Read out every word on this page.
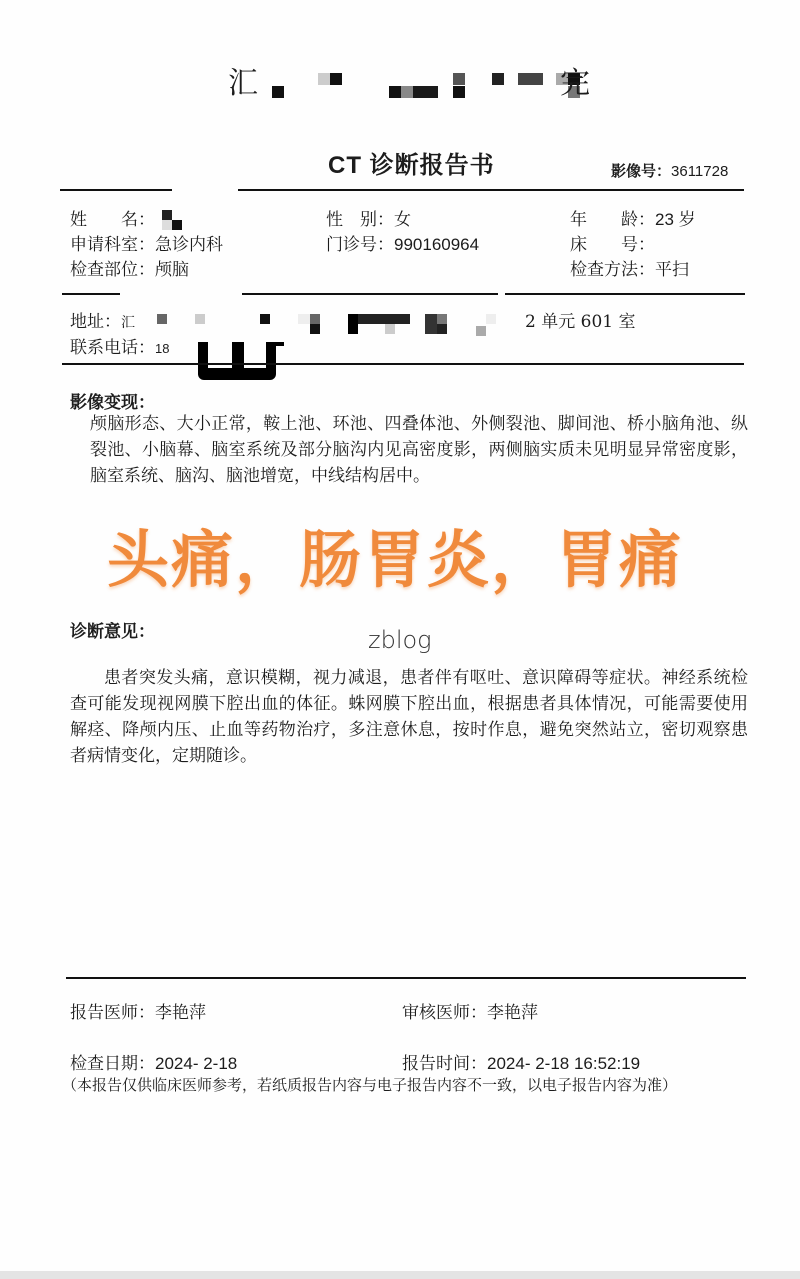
汇	完
CT 诊断报告书	影像号：3611728
姓　　名：	性　别：女	年　　龄：23 岁
申请科室：急诊内科	门诊号：990160964	床　　号：
检查部位：颅脑	检查方法：平扫
地址：汇	2 单元 601 室
联系电话：18
影像变现：
颅脑形态、大小正常，鞍上池、环池、四叠体池、外侧裂池、脚间池、桥小脑角池、纵裂池、小脑幕、脑室系统及部分脑沟内见高密度影，两侧脑实质未见明显异常密度影，脑室系统、脑沟、脑池增宽，中线结构居中。
头痛，肠胃炎，胃痛
诊断意见：	zblog
患者突发头痛，意识模糊，视力减退，患者伴有呕吐、意识障碍等症状。神经系统检查可能发现视网膜下腔出血的体征。蛛网膜下腔出血，根据患者具体情况，可能需要使用解痉、降颅内压、止血等药物治疗，多注意休息，按时作息，避免突然站立，密切观察患者病情变化，定期随诊。
报告医师：李艳萍	审核医师：李艳萍
检查日期：2024- 2-18	报告时间：2024- 2-18 16:52:19
（本报告仅供临床医师参考，若纸质报告内容与电子报告内容不一致，以电子报告内容为准）
